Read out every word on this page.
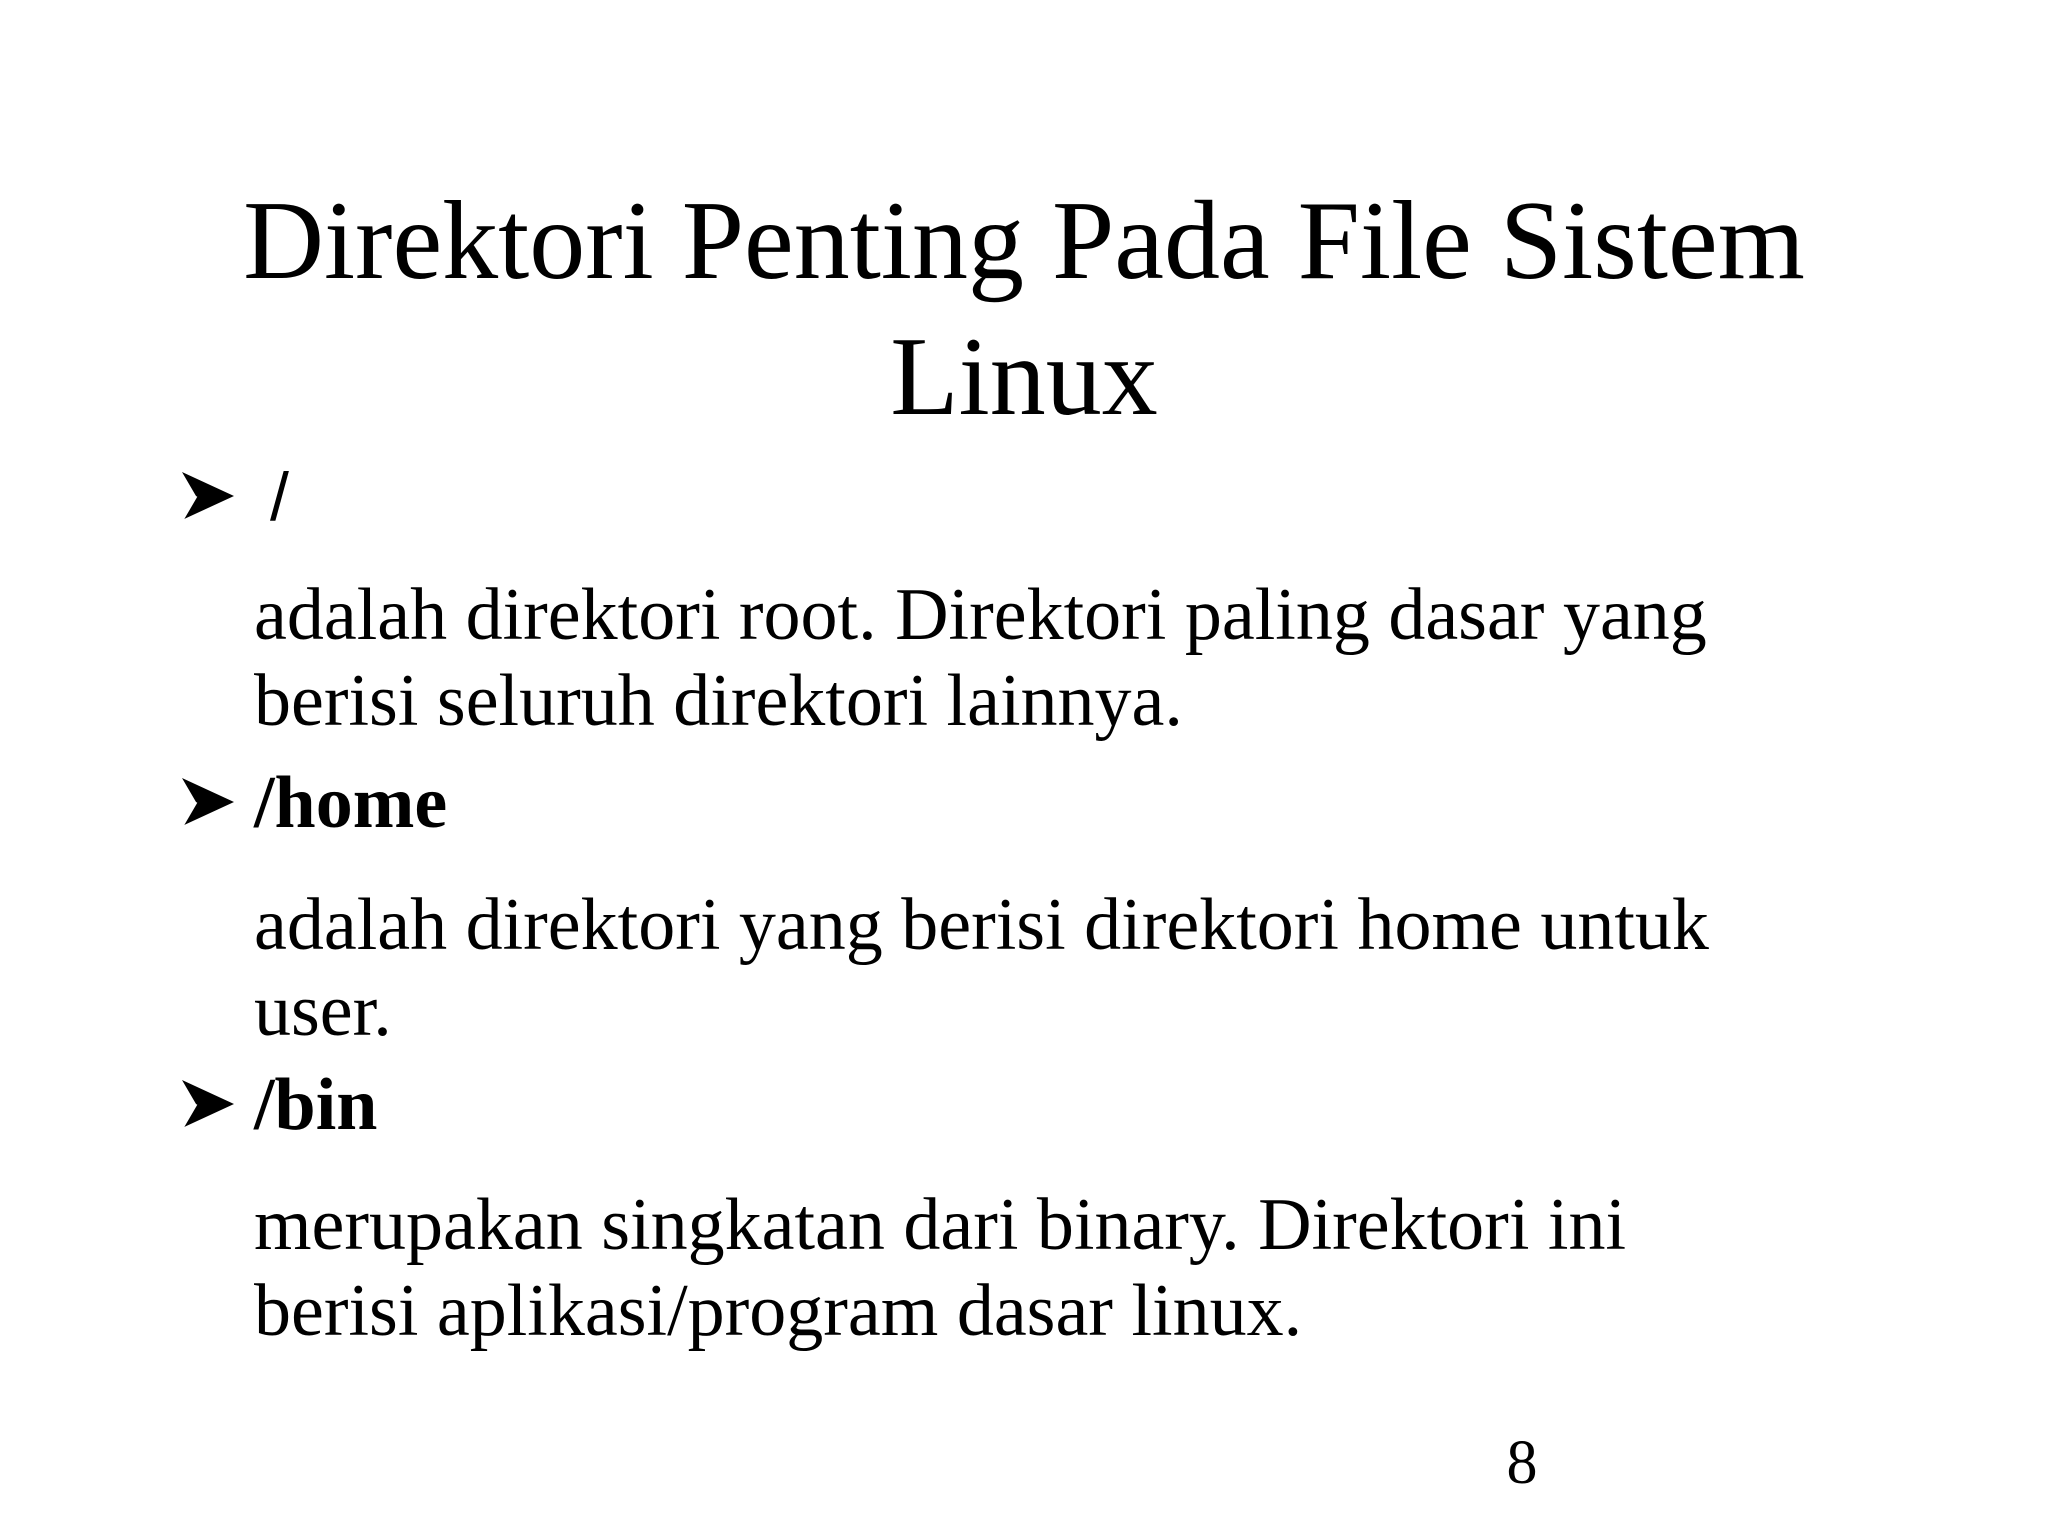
Direktori Penting Pada File Sistem
Linux
/
adalah direktori root. Direktori paling dasar yang
berisi seluruh direktori lainnya.
/home
adalah direktori yang berisi direktori home untuk
user.
/bin
merupakan singkatan dari binary. Direktori ini
berisi aplikasi/program dasar linux.
8
